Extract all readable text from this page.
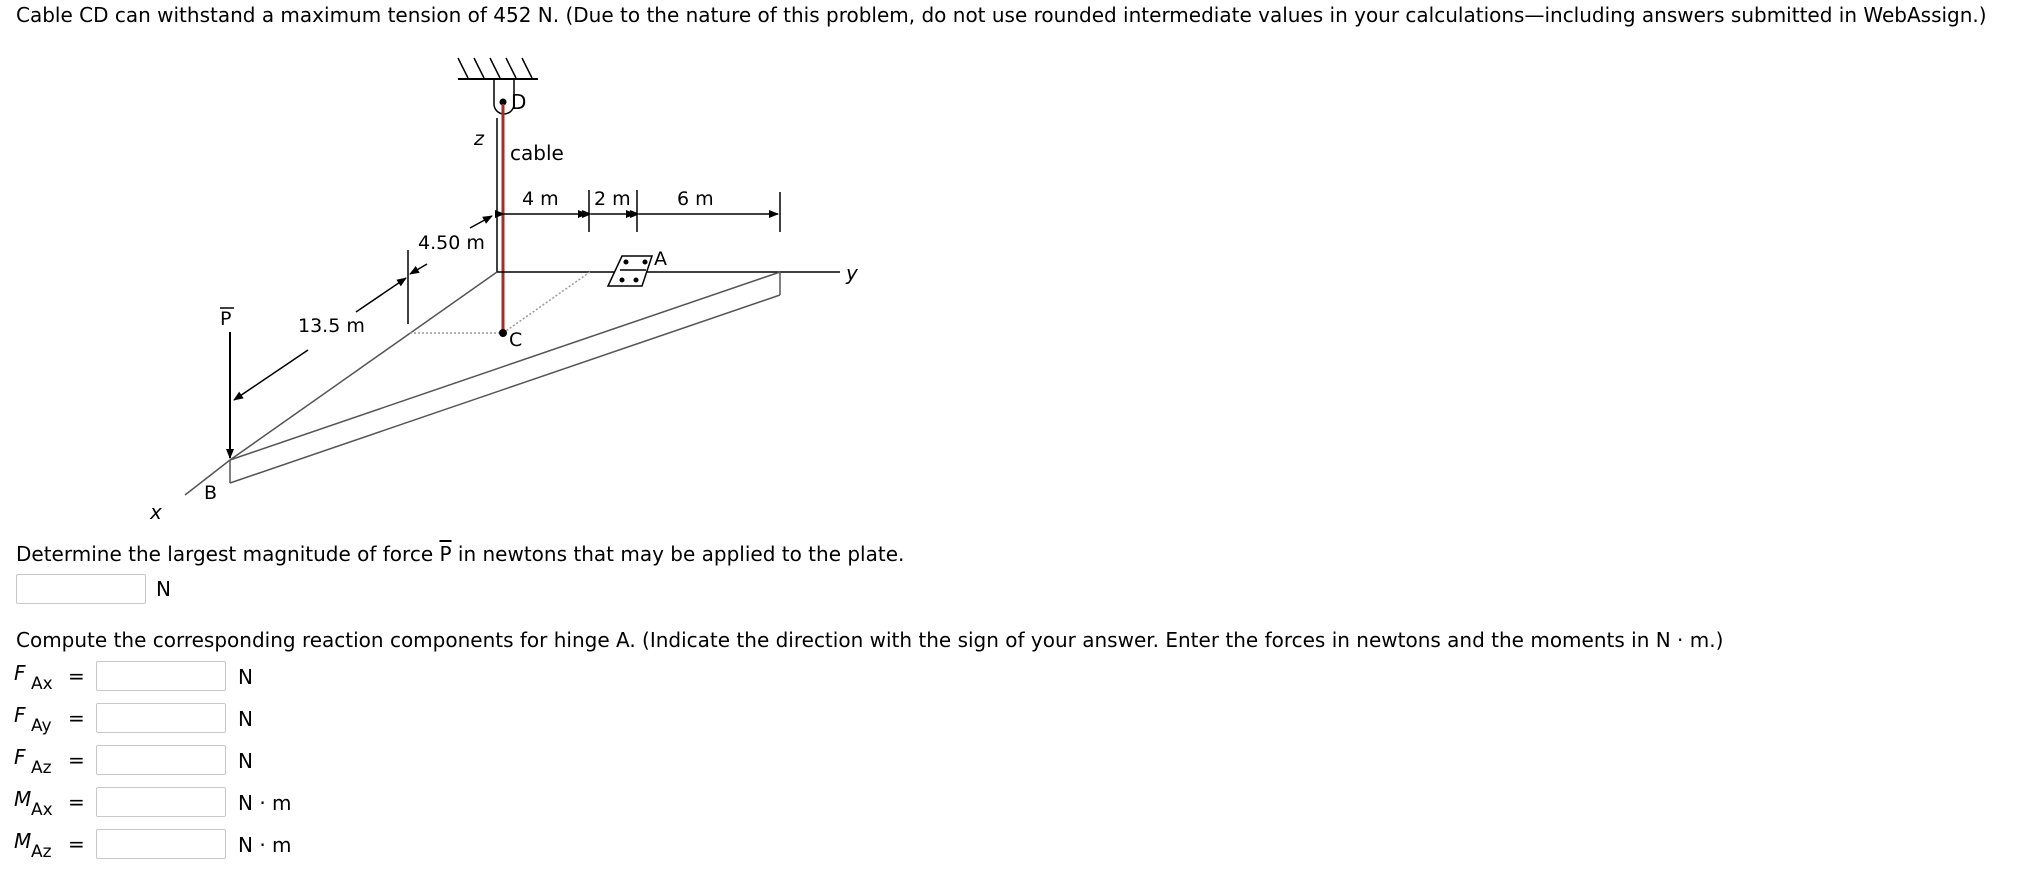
Cable CD can withstand a maximum tension of 452 N. (Due to the nature of this problem, do not use rounded intermediate values in your calculations—including answers submitted in WebAssign.)
D
z
cable
4 m 2 m 6 m
4.50 m
y
x
B
C
A
P	13.5 m
Determine the largest magnitude of force $\overline{P}$ in newtons that may be applied to the plate.
N
Compute the corresponding reaction components for hinge A. (Indicate the direction with the sign of your answer. Enter the forces in newtons and the moments in N · m.)
F Ax =	N
F Ay =	N
F Az =	N
M Ax =	N · m
M Az =	N · m
